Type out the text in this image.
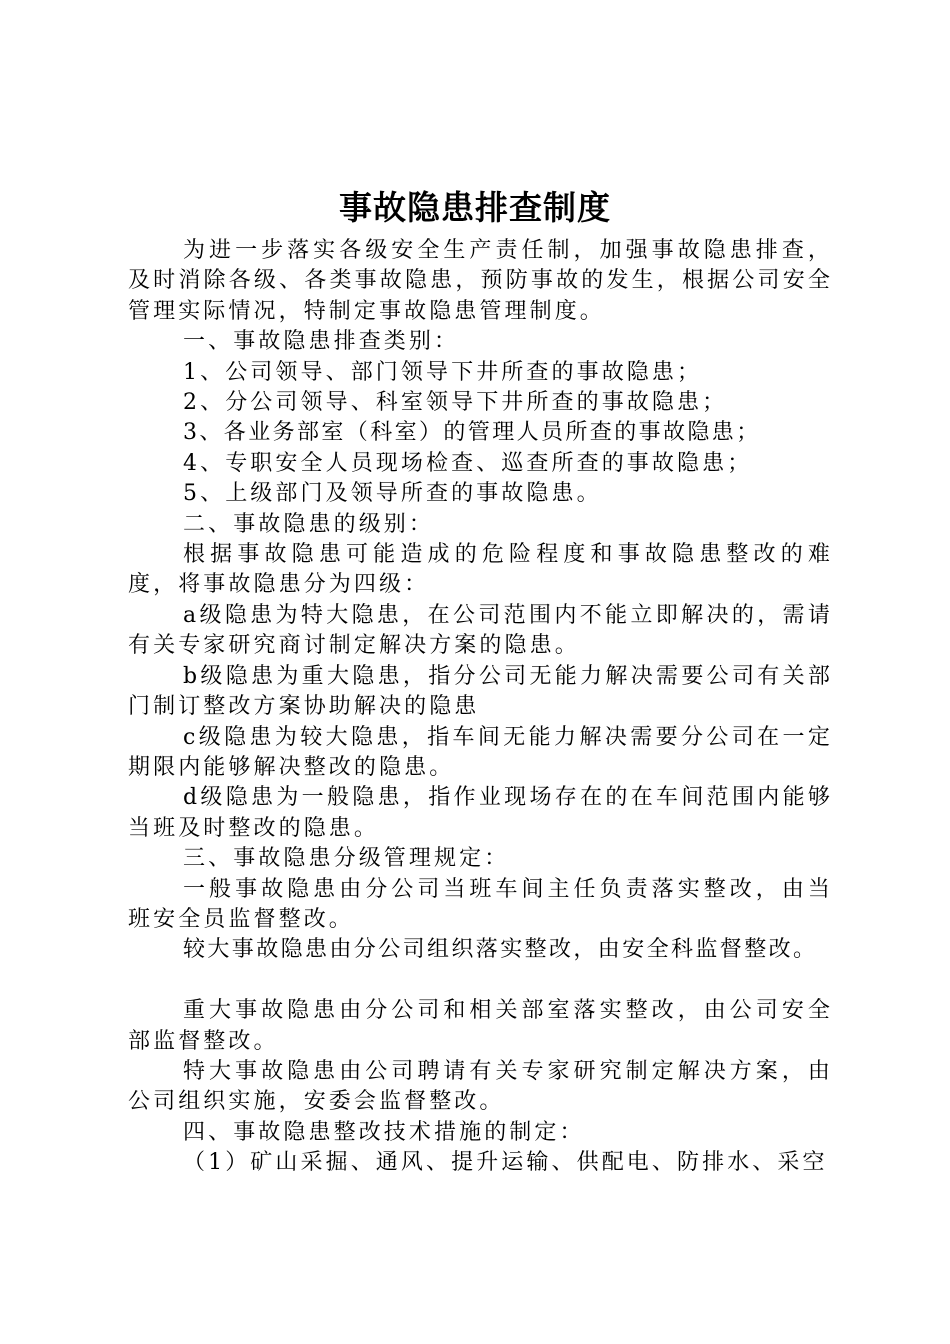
事故隐患排查制度

为进一步落实各级安全生产责任制，加强事故隐患排查，及时消除各级、各类事故隐患，预防事故的发生，根据公司安全管理实际情况，特制定事故隐患管理制度。

一、事故隐患排查类别：

1、公司领导、部门领导下井所查的事故隐患；

2、分公司领导、科室领导下井所查的事故隐患；

3、各业务部室（科室）的管理人员所查的事故隐患；

4、专职安全人员现场检查、巡查所查的事故隐患；

5、上级部门及领导所查的事故隐患。

二、事故隐患的级别：

根据事故隐患可能造成的危险程度和事故隐患整改的难度，将事故隐患分为四级：

a级隐患为特大隐患，在公司范围内不能立即解决的，需请有关专家研究商讨制定解决方案的隐患。

b级隐患为重大隐患，指分公司无能力解决需要公司有关部门制订整改方案协助解决的隐患

c级隐患为较大隐患，指车间无能力解决需要分公司在一定期限内能够解决整改的隐患。

d级隐患为一般隐患，指作业现场存在的在车间范围内能够当班及时整改的隐患。

三、事故隐患分级管理规定：

一般事故隐患由分公司当班车间主任负责落实整改，由当班安全员监督整改。

较大事故隐患由分公司组织落实整改，由安全科监督整改。

重大事故隐患由分公司和相关部室落实整改，由公司安全部监督整改。

特大事故隐患由公司聘请有关专家研究制定解决方案，由公司组织实施，安委会监督整改。

四、事故隐患整改技术措施的制定：

（1）矿山采掘、通风、提升运输、供配电、防排水、采空
